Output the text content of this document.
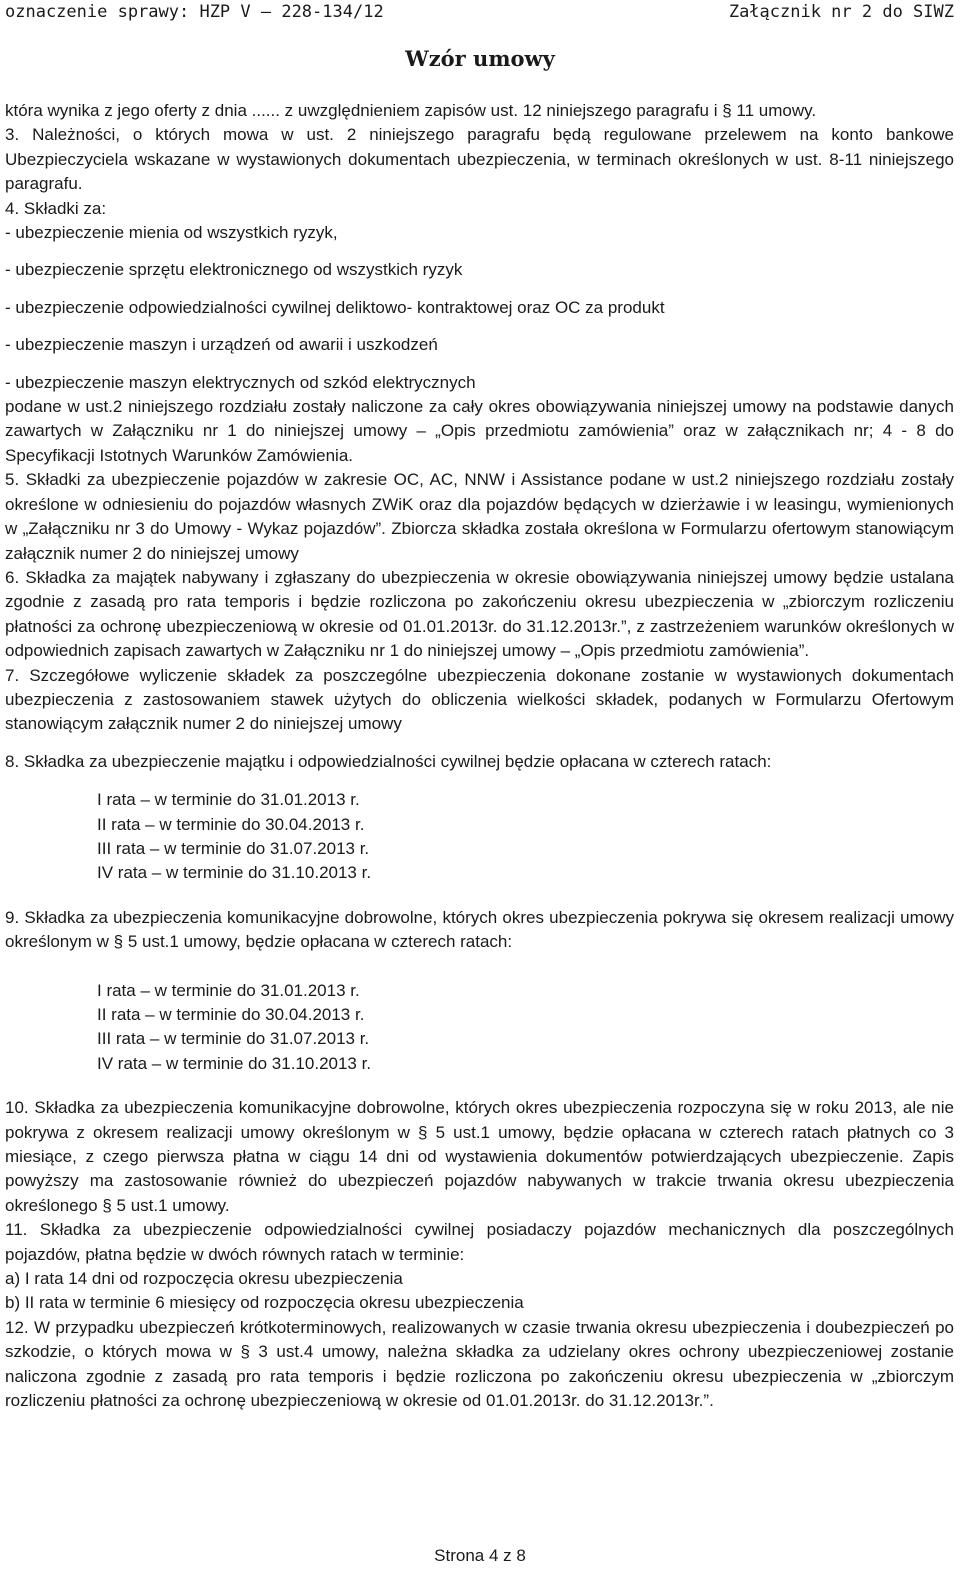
oznaczenie sprawy: HZP V – 228-134/12	Załącznik nr 2 do SIWZ
Wzór umowy

która wynika z jego oferty z dnia ...... z uwzględnieniem zapisów ust. 12 niniejszego paragrafu i § 11 umowy.

3. Należności, o których mowa w ust. 2 niniejszego paragrafu będą regulowane przelewem na konto bankowe Ubezpieczyciela wskazane w wystawionych dokumentach ubezpieczenia, w terminach określonych w ust. 8-11 niniejszego paragrafu.

4. Składki za:

- ubezpieczenie mienia od wszystkich ryzyk,

- ubezpieczenie sprzętu elektronicznego od wszystkich ryzyk

- ubezpieczenie odpowiedzialności cywilnej deliktowo- kontraktowej oraz OC za produkt

- ubezpieczenie maszyn i urządzeń od awarii i uszkodzeń

- ubezpieczenie maszyn elektrycznych od szkód elektrycznych

podane w ust.2 niniejszego rozdziału zostały naliczone za cały okres obowiązywania niniejszej umowy na podstawie danych zawartych w Załączniku nr 1 do niniejszej umowy – „Opis przedmiotu zamówienia” oraz w załącznikach nr; 4 - 8 do Specyfikacji Istotnych Warunków Zamówienia.

5. Składki za ubezpieczenie pojazdów w zakresie OC, AC, NNW i Assistance podane w ust.2 niniejszego rozdziału zostały określone w odniesieniu do pojazdów własnych ZWiK oraz dla pojazdów będących w dzierżawie i w leasingu, wymienionych w „Załączniku nr 3 do Umowy - Wykaz pojazdów”. Zbiorcza składka została określona w Formularzu ofertowym stanowiącym załącznik numer 2 do niniejszej umowy

6. Składka za majątek nabywany i zgłaszany do ubezpieczenia w okresie obowiązywania niniejszej umowy będzie ustalana zgodnie z zasadą pro rata temporis i będzie rozliczona po zakończeniu okresu ubezpieczenia w „zbiorczym rozliczeniu płatności za ochronę ubezpieczeniową w okresie od 01.01.2013r. do 31.12.2013r.”, z zastrzeżeniem warunków określonych w odpowiednich zapisach zawartych w Załączniku nr 1 do niniejszej umowy – „Opis przedmiotu zamówienia”.

7. Szczegółowe wyliczenie składek za poszczególne ubezpieczenia dokonane zostanie w wystawionych dokumentach ubezpieczenia z zastosowaniem stawek użytych do obliczenia wielkości składek, podanych w Formularzu Ofertowym stanowiącym załącznik numer 2 do niniejszej umowy

8. Składka za ubezpieczenie majątku i odpowiedzialności cywilnej będzie opłacana w czterech ratach:

I rata – w terminie do 31.01.2013 r.

II rata – w terminie do 30.04.2013 r.

III rata – w terminie do 31.07.2013 r.

IV rata – w terminie do 31.10.2013 r.

9. Składka za ubezpieczenia komunikacyjne dobrowolne, których okres ubezpieczenia pokrywa się okresem realizacji umowy określonym w § 5 ust.1 umowy, będzie opłacana w czterech ratach:

I rata – w terminie do 31.01.2013 r.

II rata – w terminie do 30.04.2013 r.

III rata – w terminie do 31.07.2013 r.

IV rata – w terminie do 31.10.2013 r.

10. Składka za ubezpieczenia komunikacyjne dobrowolne, których okres ubezpieczenia rozpoczyna się w roku 2013, ale nie pokrywa z okresem realizacji umowy określonym w § 5 ust.1 umowy, będzie opłacana w czterech ratach płatnych co 3 miesiące, z czego pierwsza płatna w ciągu 14 dni od wystawienia dokumentów potwierdzających ubezpieczenie. Zapis powyższy ma zastosowanie również do ubezpieczeń pojazdów nabywanych w trakcie trwania okresu ubezpieczenia określonego § 5 ust.1 umowy.

11. Składka za ubezpieczenie odpowiedzialności cywilnej posiadaczy pojazdów mechanicznych dla poszczególnych pojazdów, płatna będzie w dwóch równych ratach w terminie:

a) I rata 14 dni od rozpoczęcia okresu ubezpieczenia

b) II rata w terminie 6 miesięcy od rozpoczęcia okresu ubezpieczenia

12. W przypadku ubezpieczeń krótkoterminowych, realizowanych w czasie trwania okresu ubezpieczenia i doubezpieczeń po szkodzie, o których mowa w § 3 ust.4 umowy, należna składka za udzielany okres ochrony ubezpieczeniowej zostanie naliczona zgodnie z zasadą pro rata temporis i będzie rozliczona po zakończeniu okresu ubezpieczenia w „zbiorczym rozliczeniu płatności za ochronę ubezpieczeniową w okresie od 01.01.2013r. do 31.12.2013r.”.

Strona 4 z 8
